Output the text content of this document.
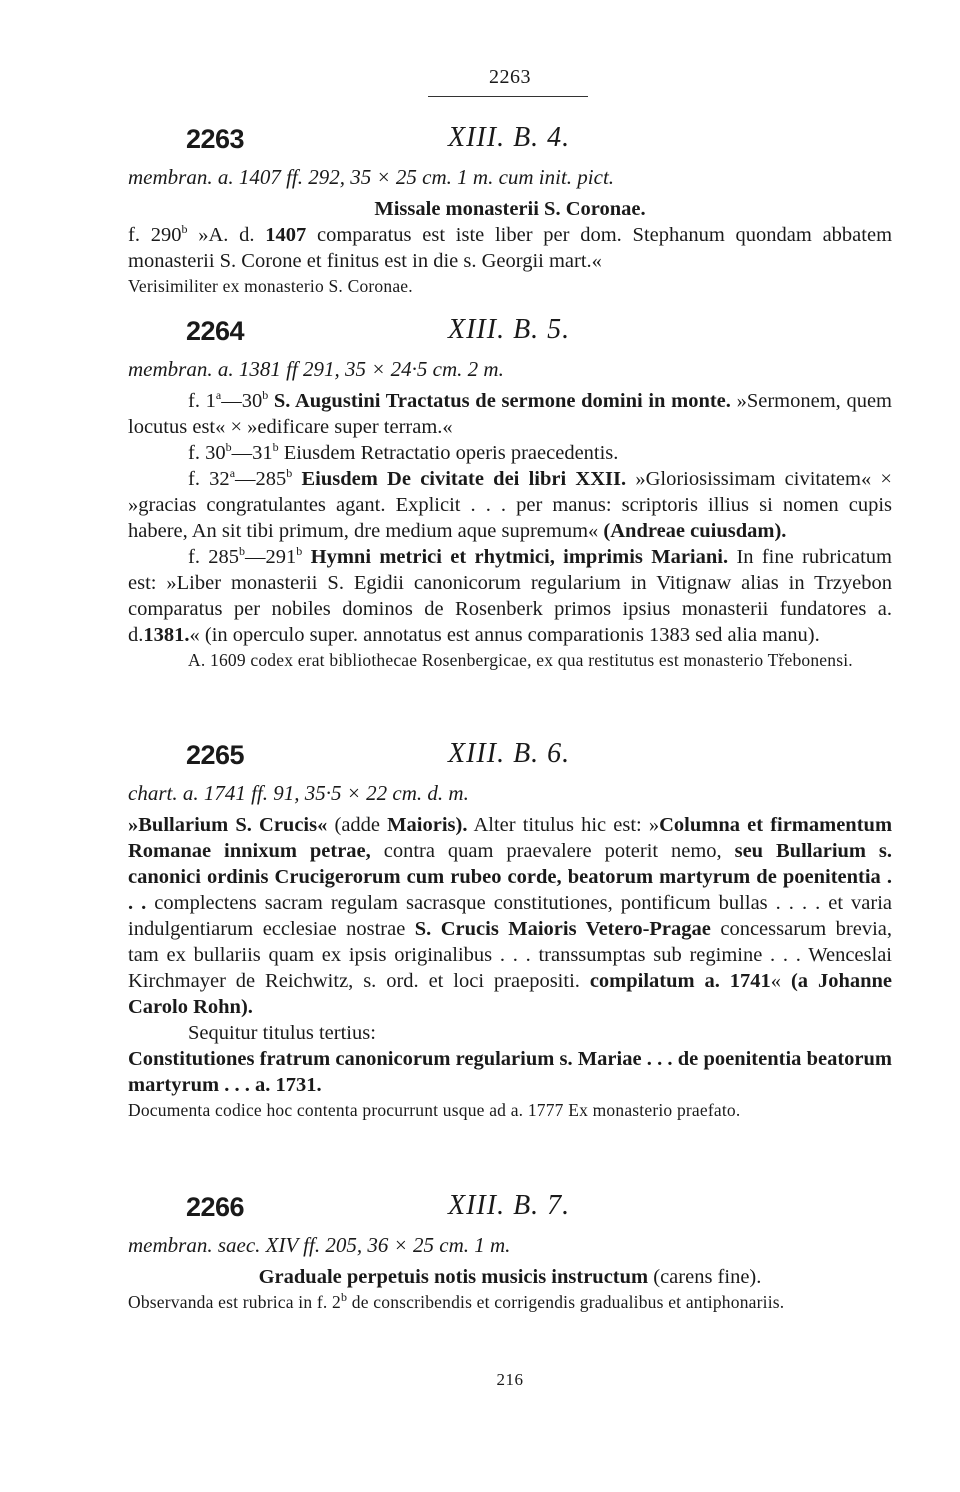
2263
2263	XIII. B. 4.
membran. a. 1407 ff. 292, 35 × 25 cm. 1 m. cum init. pict.

Missale monasterii S. Coronae.

f. 290$^b$ »A. d. 1407 comparatus est iste liber per dom. Stephanum quondam abbatem monasterii S. Corone et finitus est in die s. Georgii mart.«

Verisimiliter ex monasterio S. Coronae.

2264	XIII. B. 5.
membran. a. 1381 ff 291, 35 × 24·5 cm. 2 m.

f. 1$^a$—30$^b$ S. Augustini Tractatus de sermone domini in monte. »Sermonem, quem locutus est« × »edificare super terram.«

f. 30$^b$—31$^b$ Eiusdem Retractatio operis praecedentis.

f. 32$^a$—285$^b$ Eiusdem De civitate dei libri XXII. »Gloriosissimam civitatem« × »gracias congratulantes agant. Explicit . . . per manus: scriptoris illius si nomen cupis habere, An sit tibi primum, dre medium aque supremum« (Andreae cuiusdam).

f. 285$^b$—291$^b$ Hymni metrici et rhytmici, imprimis Mariani. In fine rubricatum est: »Liber monasterii S. Egidii canonicorum regularium in Vitignaw alias in Trzyebon comparatus per nobiles dominos de Rosenberk primos ipsius monasterii fundatores a. d.1381.« (in operculo super. annotatus est annus comparationis 1383 sed alia manu).

A. 1609 codex erat bibliothecae Rosenbergicae, ex qua restitutus est monasterio Třebonensi.

2265	XIII. B. 6.
chart. a. 1741 ff. 91, 35·5 × 22 cm. d. m.

»Bullarium S. Crucis« (adde Maioris). Alter titulus hic est: »Columna et firmamentum Romanae innixum petrae, contra quam praevalere poterit nemo, seu Bullarium s. canonici ordinis Crucigerorum cum rubeo corde, beatorum martyrum de poenitentia . . . complectens sacram regulam sacrasque constitutiones, pontificum bullas . . . . et varia indulgentiarum ecclesiae nostrae S. Crucis Maioris Vetero-Pragae concessarum brevia, tam ex bullariis quam ex ipsis originalibus . . . transsumptas sub regimine . . . Wenceslai Kirchmayer de Reichwitz, s. ord. et loci praepositi. compilatum a. 1741« (a Johanne Carolo Rohn).

Sequitur titulus tertius:

Constitutiones fratrum canonicorum regularium s. Mariae . . . de poenitentia beatorum martyrum . . . a. 1731.

Documenta codice hoc contenta procurrunt usque ad a. 1777 Ex monasterio praefato.

2266	XIII. B. 7.
membran. saec. XIV ff. 205, 36 × 25 cm. 1 m.

Graduale perpetuis notis musicis instructum (carens fine).

Observanda est rubrica in f. 2$^b$ de conscribendis et corrigendis gradualibus et antiphonariis.

216
